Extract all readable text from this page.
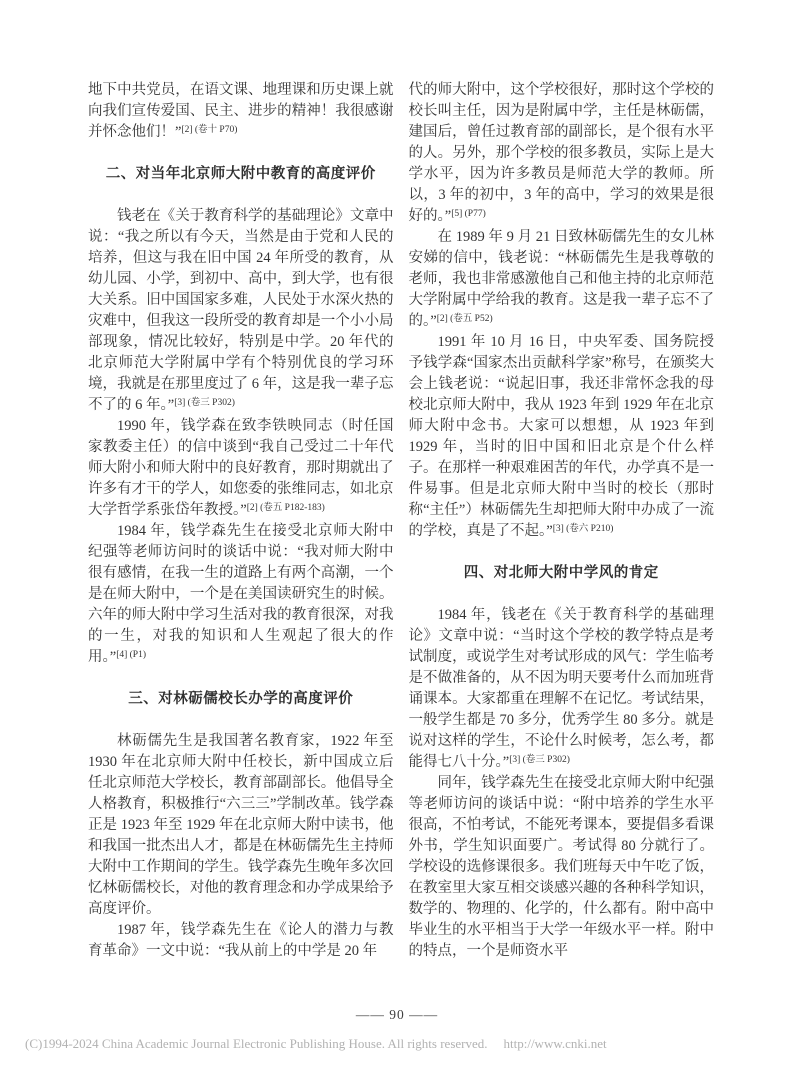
地下中共党员，在语文课、地理课和历史课上就向我们宣传爱国、民主、进步的精神！我很感谢并怀念他们！”$^{[2] (卷十 P70)}$

二、对当年北京师大附中教育的高度评价

钱老在《关于教育科学的基础理论》文章中说：“我之所以有今天，当然是由于党和人民的培养，但这与我在旧中国 24 年所受的教育，从幼儿园、小学，到初中、高中，到大学，也有很大关系。旧中国国家多难，人民处于水深火热的灾难中，但我这一段所受的教育却是一个小小局部现象，情况比较好，特别是中学。20 年代的北京师范大学附属中学有个特别优良的学习环境，我就是在那里度过了 6 年，这是我一辈子忘不了的 6 年。”$^{[3] (卷三 P302)}$

1990 年，钱学森在致李铁映同志（时任国家教委主任）的信中谈到“我自己受过二十年代师大附小和师大附中的良好教育，那时期就出了许多有才干的学人，如您委的张维同志，如北京大学哲学系张岱年教授。”$^{[2] (卷五 P182-183)}$

1984 年，钱学森先生在接受北京师大附中纪强等老师访问时的谈话中说：“我对师大附中很有感情，在我一生的道路上有两个高潮，一个是在师大附中，一个是在美国读研究生的时候。六年的师大附中学习生活对我的教育很深，对我的一生，对我的知识和人生观起了很大的作用。”$^{[4] (P1)}$

三、对林砺儒校长办学的高度评价

林砺儒先生是我国著名教育家，1922 年至 1930 年在北京师大附中任校长，新中国成立后任北京师范大学校长，教育部副部长。他倡导全人格教育，积极推行“六三三”学制改革。钱学森正是 1923 年至 1929 年在北京师大附中读书，他和我国一批杰出人才，都是在林砺儒先生主持师大附中工作期间的学生。钱学森先生晚年多次回忆林砺儒校长，对他的教育理念和办学成果给予高度评价。

1987 年，钱学森先生在《论人的潜力与教育革命》一文中说：“我从前上的中学是 20 年

代的师大附中，这个学校很好，那时这个学校的校长叫主任，因为是附属中学，主任是林砺儒，建国后，曾任过教育部的副部长，是个很有水平的人。另外，那个学校的很多教员，实际上是大学水平，因为许多教员是师范大学的教师。所以，3 年的初中，3 年的高中，学习的效果是很好的。”$^{[5] (P77)}$

在 1989 年 9 月 21 日致林砺儒先生的女儿林安娣的信中，钱老说：“林砺儒先生是我尊敬的老师，我也非常感激他自己和他主持的北京师范大学附属中学给我的教育。这是我一辈子忘不了的。”$^{[2] (卷五 P52)}$

1991 年 10 月 16 日，中央军委、国务院授予钱学森“国家杰出贡献科学家”称号，在颁奖大会上钱老说：“说起旧事，我还非常怀念我的母校北京师大附中，我从 1923 年到 1929 年在北京师大附中念书。大家可以想想，从 1923 年到 1929 年，当时的旧中国和旧北京是个什么样子。在那样一种艰难困苦的年代，办学真不是一件易事。但是北京师大附中当时的校长（那时称“主任”）林砺儒先生却把师大附中办成了一流的学校，真是了不起。”$^{[3] (卷六 P210)}$

四、对北师大附中学风的肯定

1984 年，钱老在《关于教育科学的基础理论》文章中说：“当时这个学校的教学特点是考试制度，或说学生对考试形成的风气：学生临考是不做准备的，从不因为明天要考什么而加班背诵课本。大家都重在理解不在记忆。考试结果，一般学生都是 70 多分，优秀学生 80 多分。就是说对这样的学生，不论什么时候考，怎么考，都能得七八十分。”$^{[3] (卷三 P302)}$

同年，钱学森先生在接受北京师大附中纪强等老师访问的谈话中说：“附中培养的学生水平很高，不怕考试，不能死考课本，要提倡多看课外书，学生知识面要广。考试得 80 分就行了。学校设的选修课很多。我们班每天中午吃了饭，在教室里大家互相交谈感兴趣的各种科学知识，数学的、物理的、化学的，什么都有。附中高中毕业生的水平相当于大学一年级水平一样。附中的特点，一个是师资水平

—— 90 ——
(C)1994-2024 China Academic Journal Electronic Publishing House. All rights reserved. http://www.cnki.net
